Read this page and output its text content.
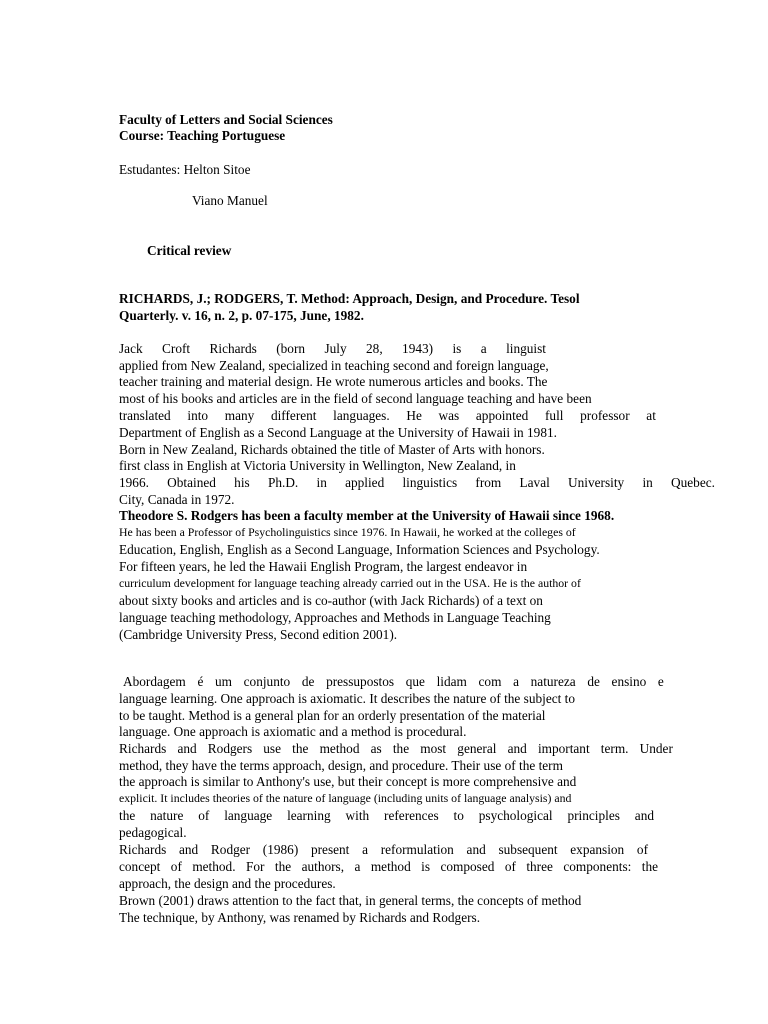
Faculty of Letters and Social Sciences
Course: Teaching Portuguese
Estudantes: Helton Sitoe
Viano Manuel
Critical review
RICHARDS, J.; RODGERS, T. Method: Approach, Design, and Procedure. Tesol
Quarterly. v. 16, n. 2, p. 07-175, June, 1982.
Jack Croft Richards (born July 28, 1943) is a linguist
applied from New Zealand, specialized in teaching second and foreign language,
teacher training and material design. He wrote numerous articles and books. The
most of his books and articles are in the field of second language teaching and have been
translated into many different languages. He was appointed full professor at
Department of English as a Second Language at the University of Hawaii in 1981.
Born in New Zealand, Richards obtained the title of Master of Arts with honors.
first class in English at Victoria University in Wellington, New Zealand, in
1966. Obtained his Ph.D. in applied linguistics from Laval University in Quebec.
City, Canada in 1972.
Theodore S. Rodgers has been a faculty member at the University of Hawaii since 1968.
He has been a Professor of Psycholinguistics since 1976. In Hawaii, he worked at the colleges of
Education, English, English as a Second Language, Information Sciences and Psychology.
For fifteen years, he led the Hawaii English Program, the largest endeavor in
curriculum development for language teaching already carried out in the USA. He is the author of
about sixty books and articles and is co-author (with Jack Richards) of a text on
language teaching methodology, Approaches and Methods in Language Teaching
(Cambridge University Press, Second edition 2001).
Abordagem é um conjunto de pressupostos que lidam com a natureza de ensino e
language learning. One approach is axiomatic. It describes the nature of the subject to
to be taught. Method is a general plan for an orderly presentation of the material
language. One approach is axiomatic and a method is procedural.
Richards and Rodgers use the method as the most general and important term. Under
method, they have the terms approach, design, and procedure. Their use of the term
the approach is similar to Anthony's use, but their concept is more comprehensive and
explicit. It includes theories of the nature of language (including units of language analysis) and
the nature of language learning with references to psychological principles and
pedagogical.
Richards and Rodger (1986) present a reformulation and subsequent expansion of
concept of method. For the authors, a method is composed of three components: the
approach, the design and the procedures.
Brown (2001) draws attention to the fact that, in general terms, the concepts of method
The technique, by Anthony, was renamed by Richards and Rodgers.
